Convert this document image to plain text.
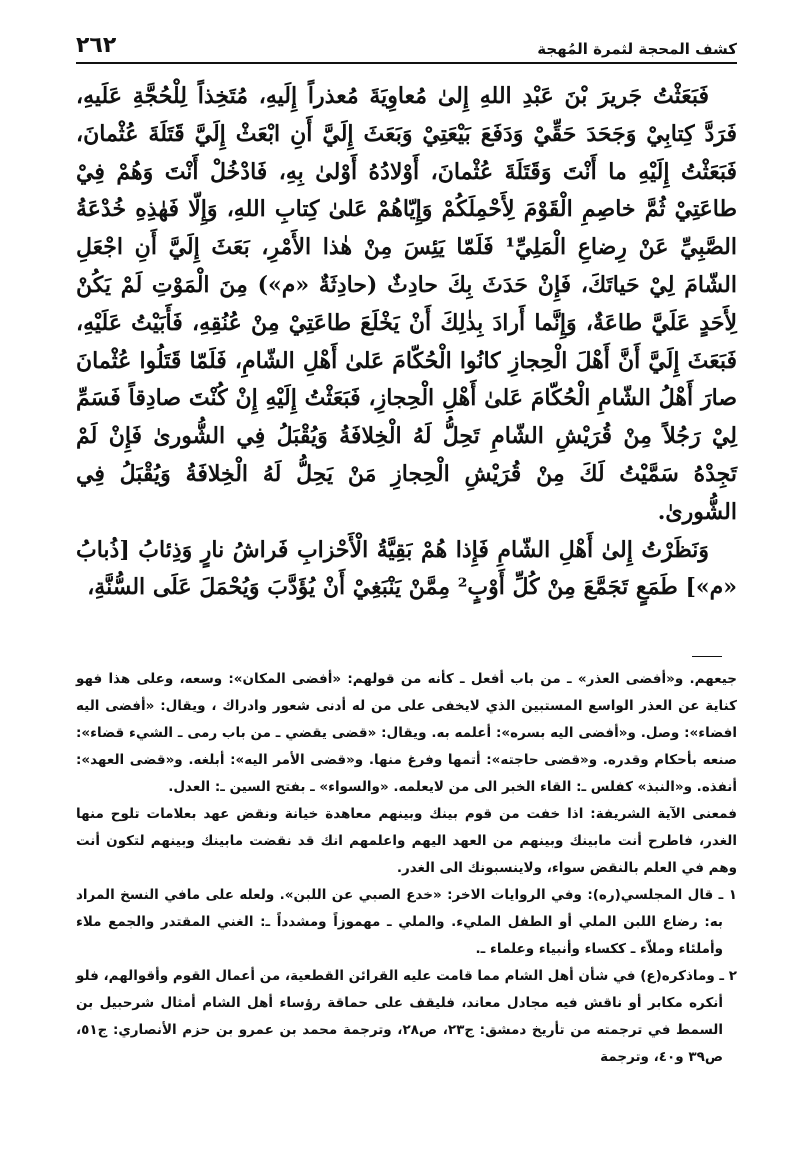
كشف المحجة لثمرة المُهجة
٢٦٢

فَبَعَثْتُ جَريرَ بْنَ عَبْدِ اللهِ إِلىٰ مُعاوِيَةَ مُعذراً إِلَيهِ، مُتَخِذاً لِلْحُجَّةِ عَلَيهِ، فَرَدَّ كِتابِيْ وَجَحَدَ حَقِّيْ وَدَفَعَ بَيْعَتِيْ وَبَعَثَ إِلَيَّ أَنِ ابْعَثْ إِلَيَّ قَتَلَةَ عُثْمانَ، فَبَعَثْتُ إِلَيْهِ ما أَنْتَ وَقَتَلَةَ عُثْمانَ، أَوْلادُهُ أَوْلىٰ بِهِ، فَادْخُلْ أَنْتَ وَهُمْ فِيْ طاعَتِيْ ثُمَّ خاصِمِ الْقَوْمَ لِأَحْمِلَكُمْ وَإِيّاهُمْ عَلىٰ كِتابِ اللهِ، وَإِلّا فَهٰذِهِ خُدْعَةُ الصَّبِيِّ عَنْ رِضاعِ الْمَلِيِّ¹ فَلَمّا يَئِسَ مِنْ هٰذا الأَمْرِ، بَعَثَ إِلَيَّ أَنِ اجْعَلِ الشّامَ لِيْ حَياتَكَ، فَإِنْ حَدَثَ بِكَ حادِثٌ (حادِثَةٌ «م») مِنَ الْمَوْتِ لَمْ يَكُنْ لِأَحَدٍ عَلَيَّ طاعَةٌ، وَإِنَّما أَرادَ بِذٰلِكَ أَنْ يَخْلَعَ طاعَتِيْ مِنْ عُنُقِهِ، فَأَبَيْتُ عَلَيْهِ، فَبَعَثَ إِلَيَّ أَنَّ أَهْلَ الْحِجازِ كانُوا الْحُكّامَ عَلىٰ أَهْلِ الشّامِ، فَلَمّا قَتَلُوا عُثْمانَ صارَ أَهْلُ الشّامِ الْحُكّامَ عَلىٰ أَهْلِ الْحِجازِ، فَبَعَثْتُ إِلَيْهِ إِنْ كُنْتَ صادِقاً فَسَمِّ لِيْ رَجُلاً مِنْ قُرَيْشِ الشّامِ تَحِلُّ لَهُ الْخِلافَةُ وَيُقْبَلُ فِي الشُّورىٰ فَإِنْ لَمْ تَجِدْهُ سَمَّيْتُ لَكَ مِنْ قُرَيْشِ الْحِجازِ مَنْ يَحِلُّ لَهُ الْخِلافَةُ وَيُقْبَلُ فِي الشُّورىٰ.

وَنَظَرْتُ إِلىٰ أَهْلِ الشّامِ فَإِذا هُمْ بَقِيَّةُ الْأَحْزابِ فَراشُ نارٍ وَذِئابُ [ذُبابُ «م»] طَمَعٍ تَجَمَّعَ مِنْ كُلِّ أَوْبٍ² مِمَّنْ يَنْبَغِيْ أَنْ يُؤَدَّبَ وَيُحْمَلَ عَلَى السُّنَّةِ،

جيعهم. و«أفضى العذر» ـ من باب أفعل ـ كأنه من قولهم: «أفضى المكان»: وسعه، وعلى هذا فهو كناية عن العذر الواسع المستبين الذي لايخفى على من له أدنى شعور وادراك ، ويقال: «أفضى اليه افضاء»: وصل. و«أفضى اليه بسره»: أعلمه به. ويقال: «قضى يقضي ـ من باب رمى ـ الشيء قضاء»: صنعه بأحكام وقدره. و«قضى حاجته»: أتمها وفرغ منها. و«قضى الأمر اليه»: أبلغه. و«قضى العهد»: أنفذه. و«النبذ» كفلس ـ: القاء الخبر الى من لايعلمه. «والسواء» ـ بفتح السين ـ: العدل.

فمعنى الآية الشريفة: اذا خفت من قوم بينك وبينهم معاهدة خيانة ونقض عهد بعلامات تلوح منها الغدر، فاطرح أنت مابينك وبينهم من العهد اليهم واعلمهم انك قد نقضت مابينك وبينهم لتكون أنت وهم في العلم بالنقض سواء، ولاينسبونك الى الغدر.

١ ـ قال المجلسي(ره): وفي الروايات الاخر: «خدع الصبي عن اللبن». ولعله على مافي النسخ المراد به: رضاع اللبن الملي أو الطفل المليء. والملي ـ مهموزاً ومشدداً ـ: الغني المقتدر والجمع ملاء وأملئاء وملاّء ـ ككساء وأنبياء وعلماء ـ.

٢ ـ وماذكره(ع) في شأن أهل الشام مما قامت عليه القرائن القطعية، من أعمال القوم وأقوالهم، فلو أنكره مكابر أو ناقش فيه مجادل معاند، فليقف على حماقة رؤساء أهل الشام أمثال شرحبيل بن السمط في ترجمته من تأريخ دمشق: ج٢٣، ص٢٨، وترجمة محمد بن عمرو بن حزم الأنصاري: ج٥١، ص٣٩ و٤٠، وترجمة
